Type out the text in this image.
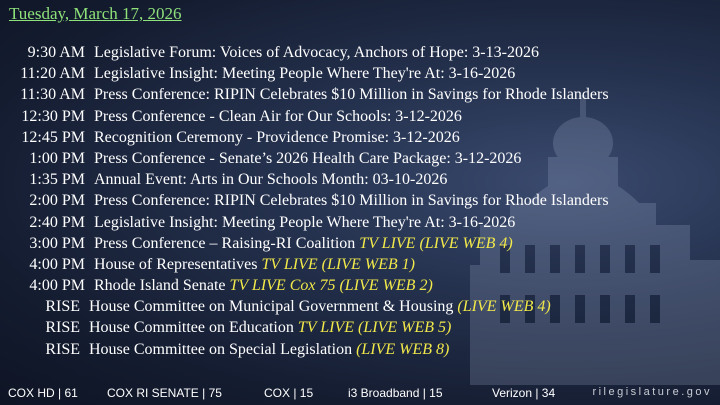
Tuesday, March 17, 2026
9:30 AM Legislative Forum: Voices of Advocacy, Anchors of Hope: 3-13-2026
11:20 AM Legislative Insight: Meeting People Where They're At: 3-16-2026
11:30 AM Press Conference: RIPIN Celebrates $10 Million in Savings for Rhode Islanders
12:30 PM Press Conference - Clean Air for Our Schools: 3-12-2026
12:45 PM Recognition Ceremony - Providence Promise: 3-12-2026
1:00 PM Press Conference - Senate’s 2026 Health Care Package: 3-12-2026
1:35 PM Annual Event: Arts in Our Schools Month: 03-10-2026
2:00 PM Press Conference: RIPIN Celebrates $10 Million in Savings for Rhode Islanders
2:40 PM Legislative Insight: Meeting People Where They're At: 3-16-2026
3:00 PM Press Conference – Raising-RI Coalition TV LIVE (LIVE WEB 4)
4:00 PM House of Representatives TV LIVE (LIVE WEB 1)
4:00 PM Rhode Island Senate TV LIVE Cox 75 (LIVE WEB 2)
RISE House Committee on Municipal Government & Housing (LIVE WEB 4)
RISE House Committee on Education TV LIVE (LIVE WEB 5)
RISE House Committee on Special Legislation (LIVE WEB 8)
COX HD | 61 COX RI SENATE | 75	COX | 15	i3 Broadband | 15	Verizon | 34	rilegislature.gov
